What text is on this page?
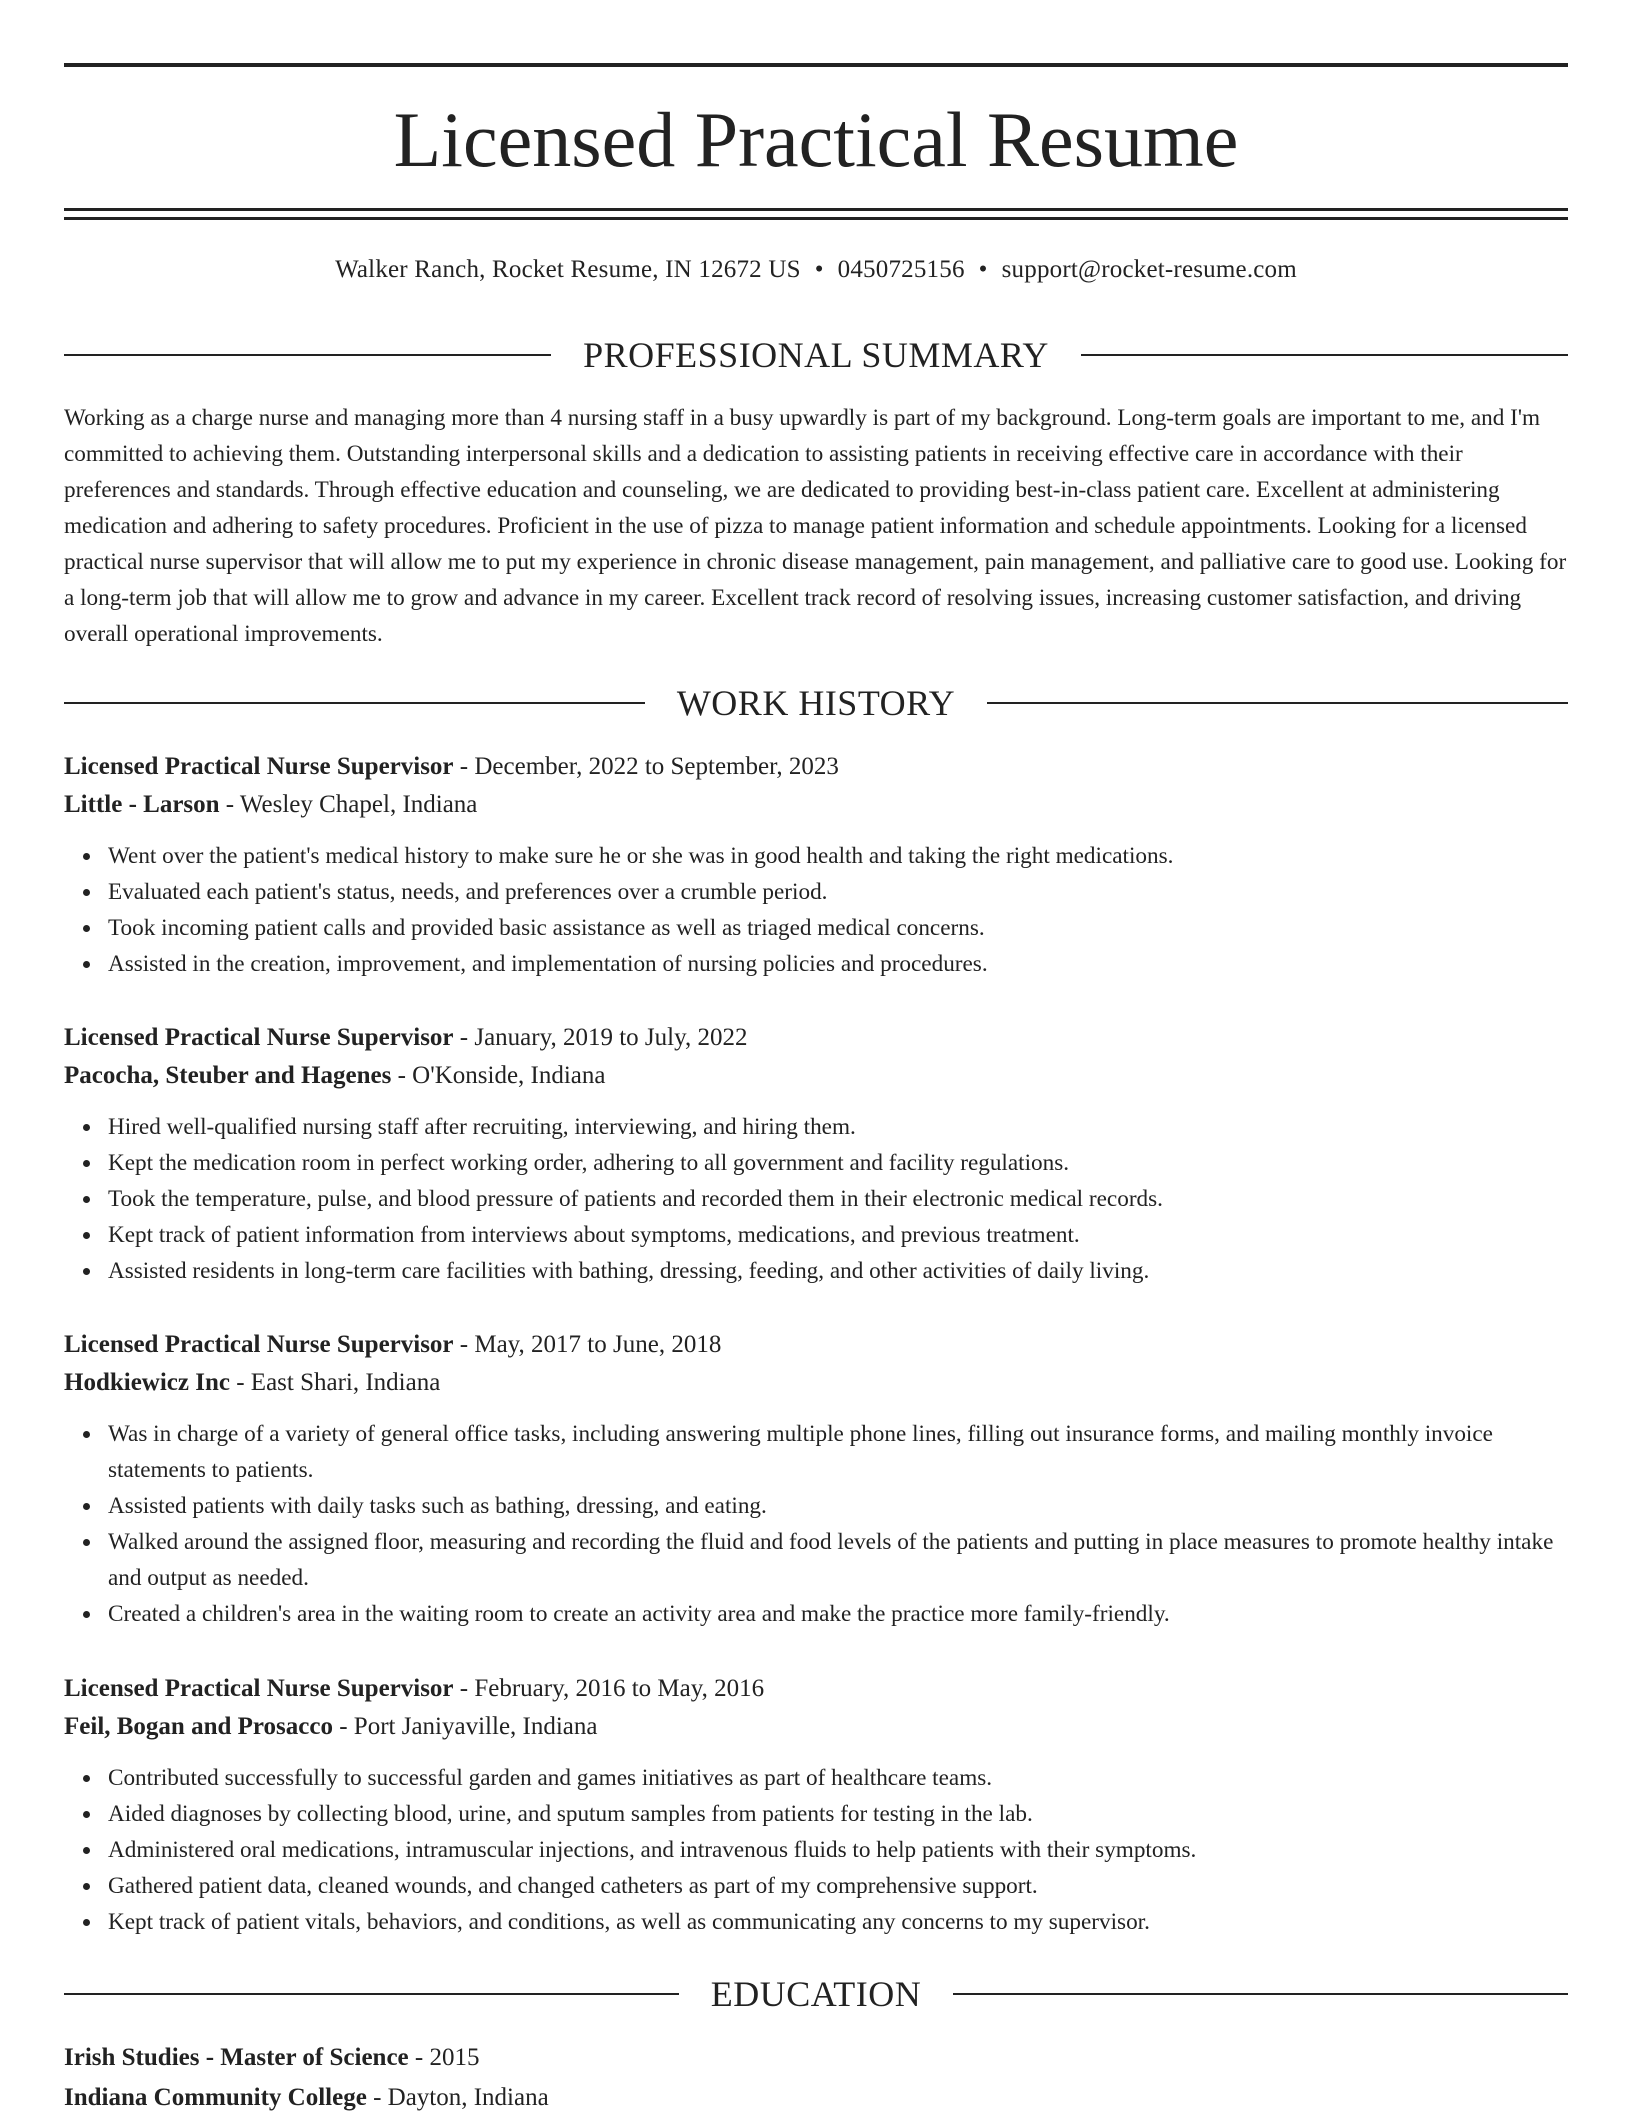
Licensed Practical Resume
Walker Ranch, Rocket Resume, IN 12672 US • 0450725156 • support@rocket-resume.com
PROFESSIONAL SUMMARY

Working as a charge nurse and managing more than 4 nursing staff in a busy upwardly is part of my background. Long-term goals are important to me, and I'm committed to achieving them. Outstanding interpersonal skills and a dedication to assisting patients in receiving effective care in accordance with their preferences and standards. Through effective education and counseling, we are dedicated to providing best-in-class patient care. Excellent at administering medication and adhering to safety procedures. Proficient in the use of pizza to manage patient information and schedule appointments. Looking for a licensed practical nurse supervisor that will allow me to put my experience in chronic disease management, pain management, and palliative care to good use. Looking for a long-term job that will allow me to grow and advance in my career. Excellent track record of resolving issues, increasing customer satisfaction, and driving overall operational improvements.

WORK HISTORY

Licensed Practical Nurse Supervisor - December, 2022 to September, 2023

Little - Larson - Wesley Chapel, Indiana

Went over the patient's medical history to make sure he or she was in good health and taking the right medications.
Evaluated each patient's status, needs, and preferences over a crumble period.
Took incoming patient calls and provided basic assistance as well as triaged medical concerns.
Assisted in the creation, improvement, and implementation of nursing policies and procedures.

Licensed Practical Nurse Supervisor - January, 2019 to July, 2022

Pacocha, Steuber and Hagenes - O'Konside, Indiana

Hired well-qualified nursing staff after recruiting, interviewing, and hiring them.
Kept the medication room in perfect working order, adhering to all government and facility regulations.
Took the temperature, pulse, and blood pressure of patients and recorded them in their electronic medical records.
Kept track of patient information from interviews about symptoms, medications, and previous treatment.
Assisted residents in long-term care facilities with bathing, dressing, feeding, and other activities of daily living.

Licensed Practical Nurse Supervisor - May, 2017 to June, 2018

Hodkiewicz Inc - East Shari, Indiana

Was in charge of a variety of general office tasks, including answering multiple phone lines, filling out insurance forms, and mailing monthly invoice statements to patients.
Assisted patients with daily tasks such as bathing, dressing, and eating.
Walked around the assigned floor, measuring and recording the fluid and food levels of the patients and putting in place measures to promote healthy intake and output as needed.
Created a children's area in the waiting room to create an activity area and make the practice more family-friendly.

Licensed Practical Nurse Supervisor - February, 2016 to May, 2016

Feil, Bogan and Prosacco - Port Janiyaville, Indiana

Contributed successfully to successful garden and games initiatives as part of healthcare teams.
Aided diagnoses by collecting blood, urine, and sputum samples from patients for testing in the lab.
Administered oral medications, intramuscular injections, and intravenous fluids to help patients with their symptoms.
Gathered patient data, cleaned wounds, and changed catheters as part of my comprehensive support.
Kept track of patient vitals, behaviors, and conditions, as well as communicating any concerns to my supervisor.
EDUCATION

Irish Studies - Master of Science - 2015

Indiana Community College - Dayton, Indiana
